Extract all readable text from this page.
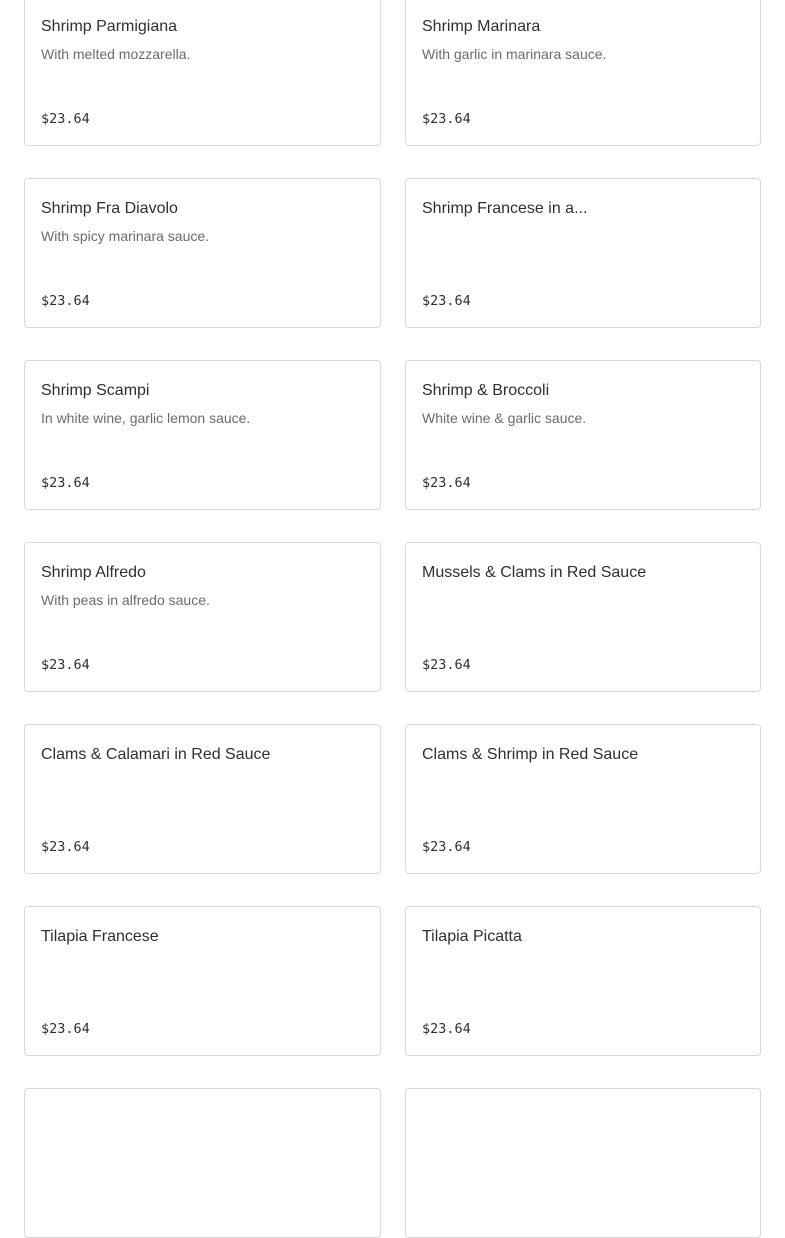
Shrimp Parmigiana
With melted mozzarella.
$23.64
Shrimp Marinara
With garlic in marinara sauce.
$23.64
Shrimp Fra Diavolo
With spicy marinara sauce.
$23.64
Shrimp Francese in a...
$23.64
Shrimp Scampi
In white wine, garlic lemon sauce.
$23.64
Shrimp & Broccoli
White wine & garlic sauce.
$23.64
Shrimp Alfredo
With peas in alfredo sauce.
$23.64
Mussels & Clams in Red Sauce
$23.64
Clams & Calamari in Red Sauce
$23.64
Clams & Shrimp in Red Sauce
$23.64
Tilapia Francese
$23.64
Tilapia Picatta
$23.64
